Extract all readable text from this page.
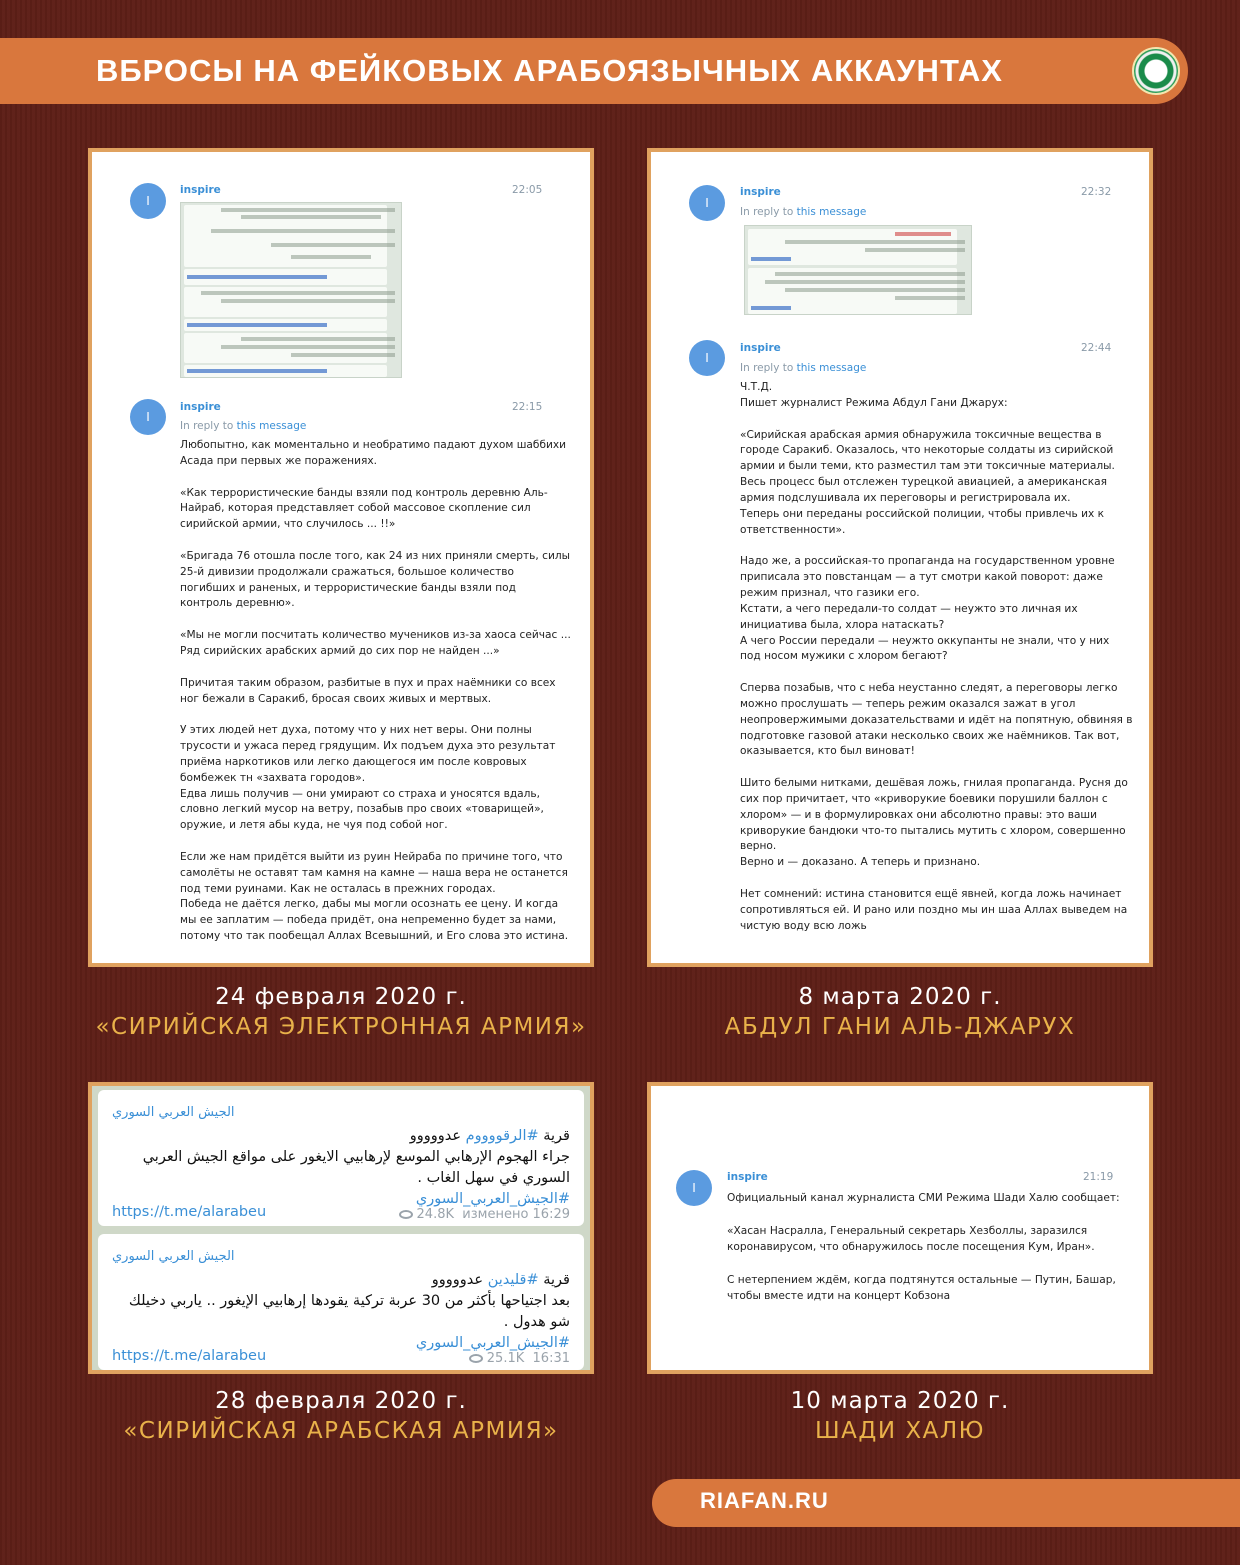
ВБРОСЫ НА ФЕЙКОВЫХ АРАБОЯЗЫЧНЫХ АККАУНТАХ
I
inspire	22:05
I
inspire	22:15
In reply to this message
Любопытно, как моментально и необратимо падают духом шаббихи
Асада при первых же поражениях.

«Как террористические банды взяли под контроль деревню Аль-
Найраб, которая представляет собой массовое скопление сил
сирийской армии, что случилось ... !!»

«Бригада 76 отошла после того, как 24 из них приняли смерть, силы
25-й дивизии продолжали сражаться, большое количество
погибших и раненых, и террористические банды взяли под
контроль деревню».

«Мы не могли посчитать количество мучеников из-за хаоса сейчас ...
Ряд сирийских арабских армий до сих пор не найден ...»

Причитая таким образом, разбитые в пух и прах наёмники со всех
ног бежали в Саракиб, бросая своих живых и мертвых.

У этих людей нет духа, потому что у них нет веры. Они полны
трусости и ужаса перед грядущим. Их подъем духа это результат
приёма наркотиков или легко дающегося им после ковровых
бомбежек тн «захвата городов».
Едва лишь получив — они умирают со страха и уносятся вдаль,
словно легкий мусор на ветру, позабыв про своих «товарищей»,
оружие, и летя абы куда, не чуя под собой ног.

Если же нам придётся выйти из руин Нейраба по причине того, что
самолёты не оставят там камня на камне — наша вера не останется
под теми руинами. Как не осталась в прежних городах.
Победа не даётся легко, дабы мы могли осознать ее цену. И когда
мы ее заплатим — победа придёт, она непременно будет за нами,
потому что так пообещал Аллах Всевышний, и Его слова это истина.
24 февраля 2020 г.
«СИРИЙСКАЯ ЭЛЕКТРОННАЯ АРМИЯ»
I
inspire	22:32
In reply to this message
I
inspire	22:44
In reply to this message
Ч.Т.Д.
Пишет журналист Режима Абдул Гани Джарух:

«Сирийская арабская армия обнаружила токсичные вещества в
городе Саракиб. Оказалось, что некоторые солдаты из сирийской
армии и были теми, кто разместил там эти токсичные материалы.
Весь процесс был отслежен турецкой авиацией, а американская
армия подслушивала их переговоры и регистрировала их.
Теперь они переданы российской полиции, чтобы привлечь их к
ответственности».

Надо же, а российская-то пропаганда на государственном уровне
приписала это повстанцам — а тут смотри какой поворот: даже
режим признал, что газики его.
Кстати, а чего передали-то солдат — неужто это личная их
инициатива была, хлора натаскать?
А чего России передали — неужто оккупанты не знали, что у них
под носом мужики с хлором бегают?

Сперва позабыв, что с неба неустанно следят, а переговоры легко
можно прослушать — теперь режим оказался зажат в угол
неопровержимыми доказательствами и идёт на попятную, обвиняя в
подготовке газовой атаки несколько своих же наёмников. Так вот,
оказывается, кто был виноват!

Шито белыми нитками, дешёвая ложь, гнилая пропаганда. Русня до
сих пор причитает, что «криворукие боевики порушили баллон с
хлором» — и в формулировках они абсолютно правы: это ваши
криворукие бандюки что-то пытались мутить с хлором, совершенно
верно.
Верно и — доказано. А теперь и признано.

Нет сомнений: истина становится ещё явней, когда ложь начинает
сопротивляться ей. И рано или поздно мы ин шаа Аллах выведем на
чистую воду всю ложь
8 марта 2020 г.
АБДУЛ ГАНИ АЛЬ-ДЖАРУХ
الجيش العربي السوري
قرية #الرقووووم عدووووو
جراء الهجوم الإرهابي الموسع لإرهابيي الايغور على مواقع الجيش العربي السوري في سهل الغاب .
#الجيش_العربي_السوري
https://t.me/alarabeu	24.8K изменено 16:29
الجيش العربي السوري
قرية #قليدين عدووووو
بعد اجتياحها بأكثر من 30 عربة تركية يقودها إرهابيي الإيغور .. ياربي دخيلك شو هدول .
#الجيش_العربي_السوري
https://t.me/alarabeu	25.1K 16:31
28 февраля 2020 г.
«СИРИЙСКАЯ АРАБСКАЯ АРМИЯ»
I
inspire	21:19
Официальный канал журналиста СМИ Режима Шади Халю сообщает:

«Хасан Насралла, Генеральный секретарь Хезболлы, заразился
коронавирусом, что обнаружилось после посещения Кум, Иран».

С нетерпением ждём, когда подтянутся остальные — Путин, Башар,
чтобы вместе идти на концерт Кобзона
10 марта 2020 г.
ШАДИ ХАЛЮ
RIAFAN.RU
